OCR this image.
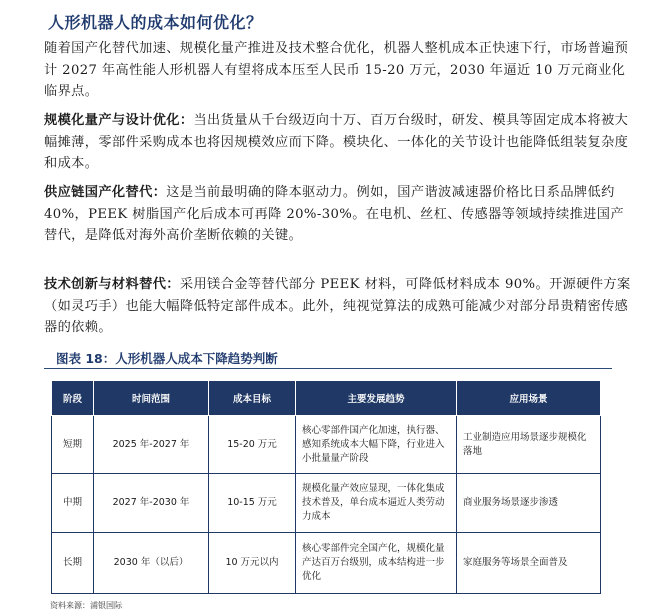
人形机器人的成本如何优化？
随着国产化替代加速、规模化量产推进及技术整合优化，机器人整机成本正快速下行，市场普遍预计 2027 年高性能人形机器人有望将成本压至人民币 15-20 万元，2030 年逼近 10 万元商业化临界点。
规模化量产与设计优化：当出货量从千台级迈向十万、百万台级时，研发、模具等固定成本将被大幅摊薄，零部件采购成本也将因规模效应而下降。模块化、一体化的关节设计也能降低组装复杂度和成本。
供应链国产化替代：这是当前最明确的降本驱动力。例如，国产谐波减速器价格比日系品牌低约 40%，PEEK 树脂国产化后成本可再降 20%-30%。在电机、丝杠、传感器等领域持续推进国产替代，是降低对海外高价垄断依赖的关键。
技术创新与材料替代：采用镁合金等替代部分 PEEK 材料，可降低材料成本 90%。开源硬件方案（如灵巧手）也能大幅降低特定部件成本。此外，纯视觉算法的成熟可能减少对部分昂贵精密传感器的依赖。
图表 18：人形机器人成本下降趋势判断
阶段	时间范围	成本目标	主要发展趋势	应用场景
短期	2025 年-2027 年	15-20 万元	核心零部件国产化加速，执行器、感知系统成本大幅下降，行业进入小批量量产阶段	工业制造应用场景逐步规模化落地
中期	2027 年-2030 年	10-15 万元	规模化量产效应显现，一体化集成技术普及，单台成本逼近人类劳动力成本	商业服务场景逐步渗透
长期	2030 年（以后）	10 万元以内	核心零部件完全国产化，规模化量产达百万台级别，成本结构进一步优化	家庭服务等场景全面普及
资料来源：浦银国际
